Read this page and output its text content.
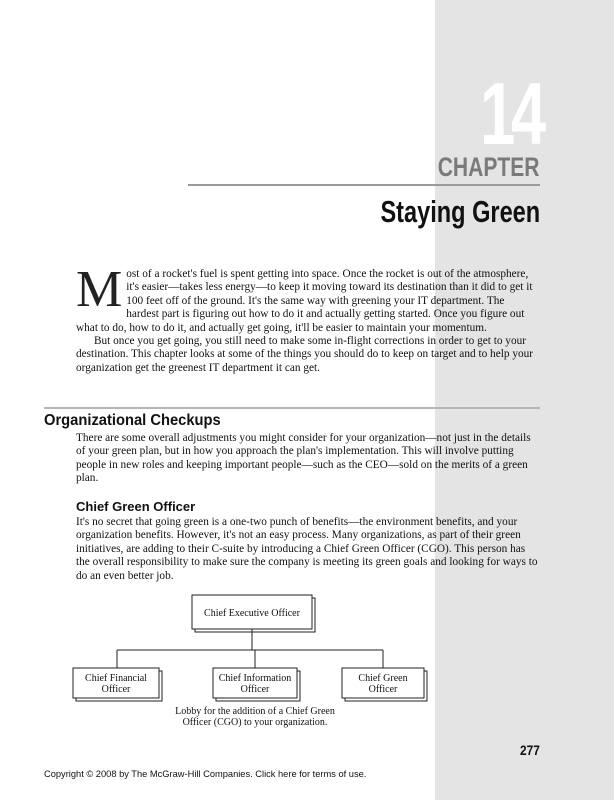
14
CHAPTER
Staying Green

Most of a rocket's fuel is spent getting into space. Once the rocket is out of the atmosphere, it's easier—takes less energy—to keep it moving toward its destination than it did to get it 100 feet off of the ground. It's the same way with greening your IT department. The hardest part is figuring out how to do it and actually getting started. Once you figure out what to do, how to do it, and actually get going, it'll be easier to maintain your momentum.

But once you get going, you still need to make some in-flight corrections in order to get to your destination. This chapter looks at some of the things you should do to keep on target and to help your organization get the greenest IT department it can get.

Organizational Checkups

There are some overall adjustments you might consider for your organization—not just in the details of your green plan, but in how you approach the plan's implementation. This will involve putting people in new roles and keeping important people—such as the CEO—sold on the merits of a green plan.

Chief Green Officer

It's no secret that going green is a one-two punch of benefits—the environment benefits, and your organization benefits. However, it's not an easy process. Many organizations, as part of their green initiatives, are adding to their C-suite by introducing a Chief Green Officer (CGO). This person has the overall responsibility to make sure the company is meeting its green goals and looking for ways to do an even better job.

Chief Executive Officer
Chief Financial
Officer
Chief Information
Officer
Chief Green
Officer
Lobby for the addition of a Chief Green
Officer (CGO) to your organization.
277
Copyright © 2008 by The McGraw-Hill Companies. Click here for terms of use.
